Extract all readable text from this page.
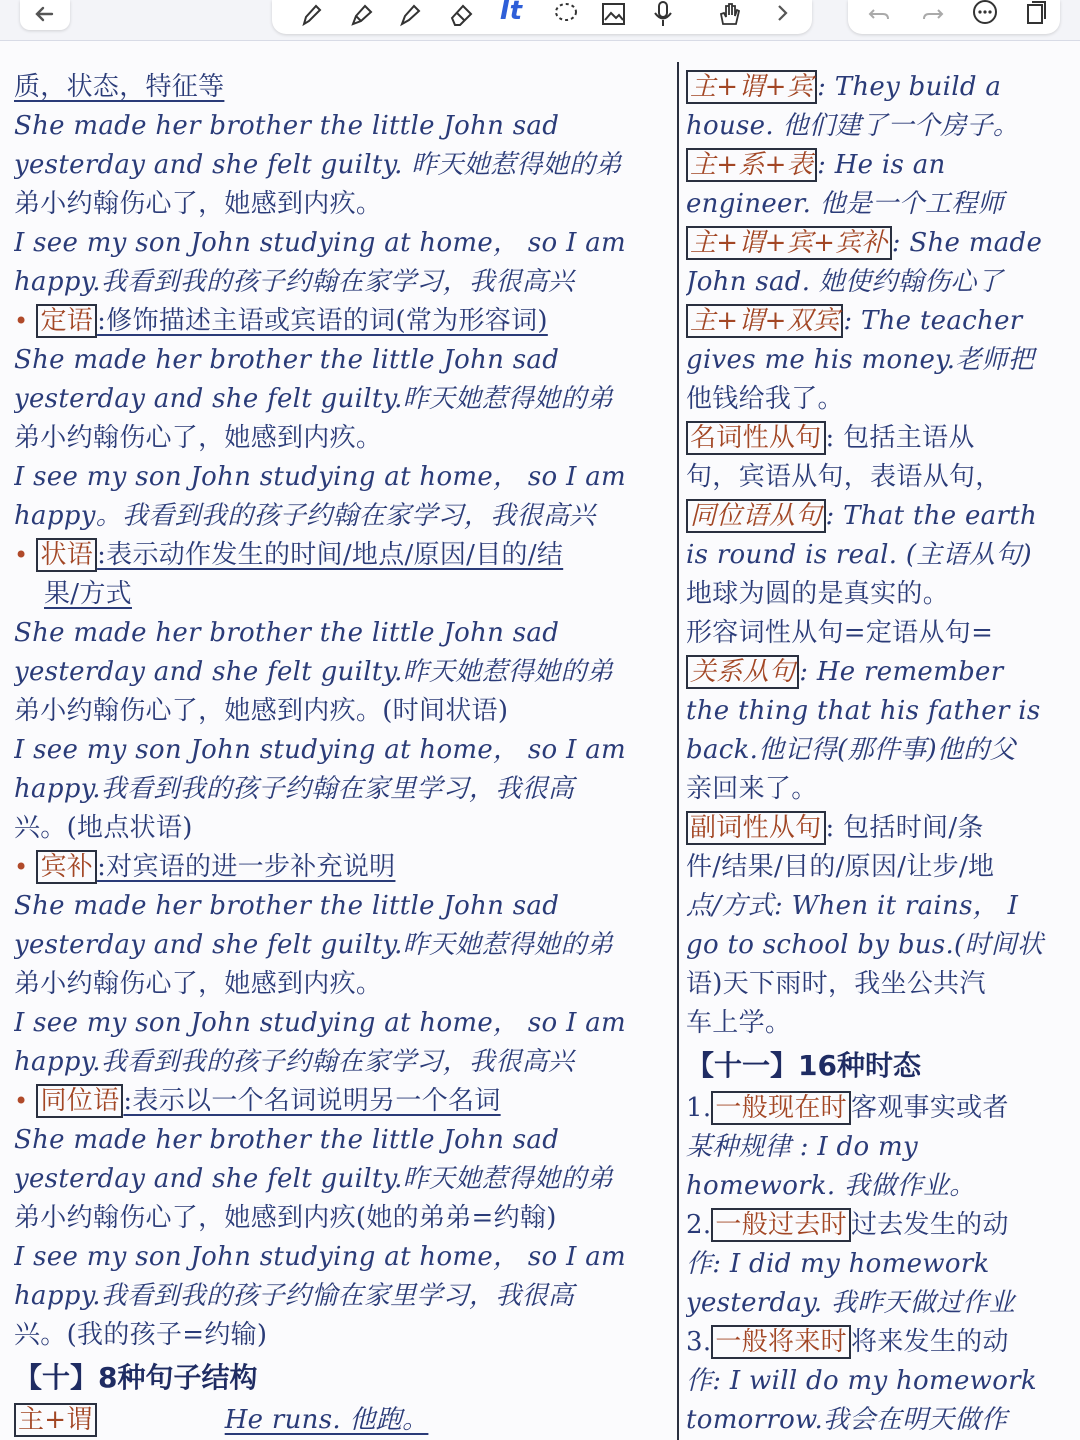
It
质，状态，特征等
She made her brother the little John sad
yesterday and she felt guilty. 昨天她惹得她的弟
弟小约翰伤心了，她感到内疚。
I see my son John studying at home， so I am
happy.我看到我的孩子约翰在家学习，我很高兴
• 定语 :修饰描述主语或宾语的词(常为形容词)
She made her brother the little John sad
yesterday and she felt guilty.昨天她惹得她的弟
弟小约翰伤心了，她感到内疚。
I see my son John studying at home， so I am
happy。我看到我的孩子约翰在家学习，我很高兴
• 状语 :表示动作发生的时间/地点/原因/目的/结
果/方式
She made her brother the little John sad
yesterday and she felt guilty.昨天她惹得她的弟
弟小约翰伤心了，她感到内疚。(时间状语)
I see my son John studying at home， so I am
happy.我看到我的孩子约翰在家里学习，我很高
兴。(地点状语)
• 宾补 :对宾语的进一步补充说明
She made her brother the little John sad
yesterday and she felt guilty.昨天她惹得她的弟
弟小约翰伤心了，她感到内疚。
I see my son John studying at home， so I am
happy.我看到我的孩子约翰在家学习，我很高兴
• 同位语 :表示以一个名词说明另一个名词
She made her brother the little John sad
yesterday and she felt guilty.昨天她惹得她的弟
弟小约翰伤心了，她感到内疚(她的弟弟=约翰)
I see my son John studying at home， so I am
happy.我看到我的孩子约愉在家里学习，我很高
兴。(我的孩子=约输)
【十】8种句子结构
主+谓	He runs. 他跑。
主+谓+宾 : They build a
house. 他们建了一个房子。
主+系+表 : He is an
engineer. 他是一个工程师
主+谓+宾+宾补 : She made
John sad. 她使约翰伤心了
主+谓+双宾 : The teacher
gives me his money.老师把
他钱给我了。
名词性从句 : 包括主语从
句，宾语从句，表语从句，
同位语从句 : That the earth
is round is real. (主语从句)
地球为圆的是真实的。
形容词性从句=定语从句=
关系从句 : He remember
the thing that his father is
back.他记得(那件事)他的父
亲回来了。
副词性从句 : 包括时间/条
件/结果/目的/原因/让步/地
点/方式: When it rains， I
go to school by bus.(时间状
语)天下雨时，我坐公共汽
车上学。
【十一】16种时态
1. 一般现在时 客观事实或者
某种规律 : I do my
homework. 我做作业。
2. 一般过去时 过去发生的动
作: I did my homework
yesterday. 我昨天做过作业
3. 一般将来时 将来发生的动
作: I will do my homework
tomorrow.我会在明天做作
